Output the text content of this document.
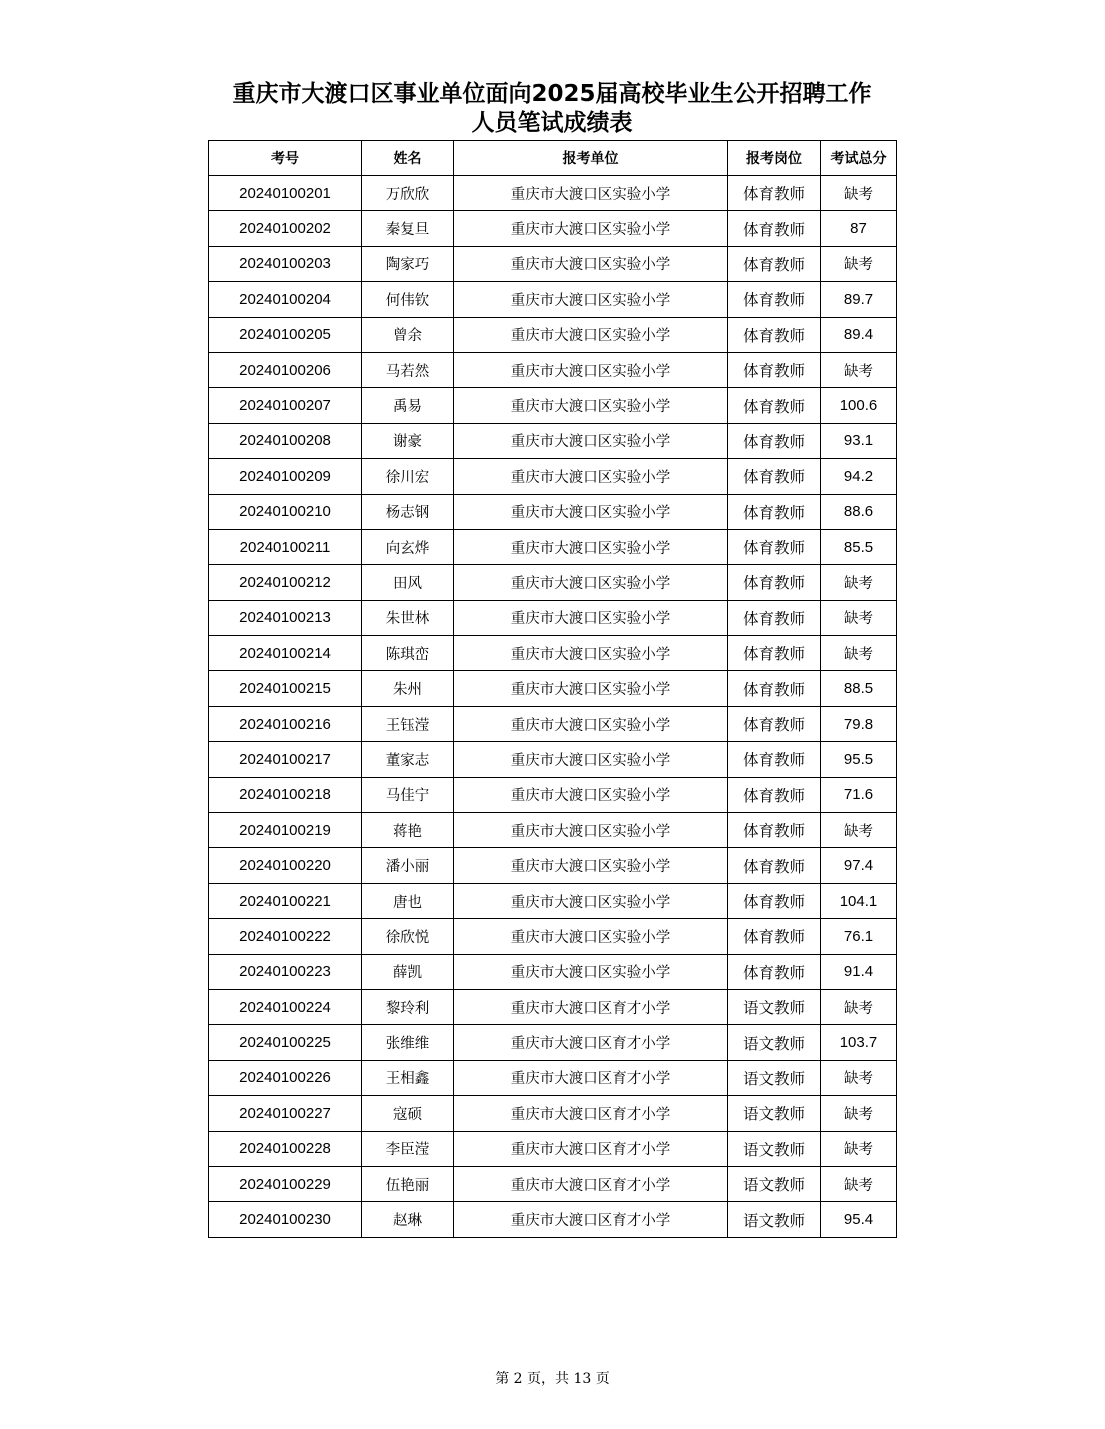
重庆市大渡口区事业单位面向2025届高校毕业生公开招聘工作
人员笔试成绩表
考号	姓名	报考单位	报考岗位	考试总分
20240100201	万欣欣	重庆市大渡口区实验小学	体育教师	缺考
20240100202	秦复旦	重庆市大渡口区实验小学	体育教师	87
20240100203	陶家巧	重庆市大渡口区实验小学	体育教师	缺考
20240100204	何伟钦	重庆市大渡口区实验小学	体育教师	89.7
20240100205	曾余	重庆市大渡口区实验小学	体育教师	89.4
20240100206	马若然	重庆市大渡口区实验小学	体育教师	缺考
20240100207	禹易	重庆市大渡口区实验小学	体育教师	100.6
20240100208	谢豪	重庆市大渡口区实验小学	体育教师	93.1
20240100209	徐川宏	重庆市大渡口区实验小学	体育教师	94.2
20240100210	杨志钢	重庆市大渡口区实验小学	体育教师	88.6
20240100211	向玄烨	重庆市大渡口区实验小学	体育教师	85.5
20240100212	田风	重庆市大渡口区实验小学	体育教师	缺考
20240100213	朱世林	重庆市大渡口区实验小学	体育教师	缺考
20240100214	陈琪峦	重庆市大渡口区实验小学	体育教师	缺考
20240100215	朱州	重庆市大渡口区实验小学	体育教师	88.5
20240100216	王钰滢	重庆市大渡口区实验小学	体育教师	79.8
20240100217	董家志	重庆市大渡口区实验小学	体育教师	95.5
20240100218	马佳宁	重庆市大渡口区实验小学	体育教师	71.6
20240100219	蒋艳	重庆市大渡口区实验小学	体育教师	缺考
20240100220	潘小丽	重庆市大渡口区实验小学	体育教师	97.4
20240100221	唐也	重庆市大渡口区实验小学	体育教师	104.1
20240100222	徐欣悦	重庆市大渡口区实验小学	体育教师	76.1
20240100223	薛凯	重庆市大渡口区实验小学	体育教师	91.4
20240100224	黎玲利	重庆市大渡口区育才小学	语文教师	缺考
20240100225	张维维	重庆市大渡口区育才小学	语文教师	103.7
20240100226	王相鑫	重庆市大渡口区育才小学	语文教师	缺考
20240100227	寇硕	重庆市大渡口区育才小学	语文教师	缺考
20240100228	李臣滢	重庆市大渡口区育才小学	语文教师	缺考
20240100229	伍艳丽	重庆市大渡口区育才小学	语文教师	缺考
20240100230	赵琳	重庆市大渡口区育才小学	语文教师	95.4
第 2 页，共 13 页
